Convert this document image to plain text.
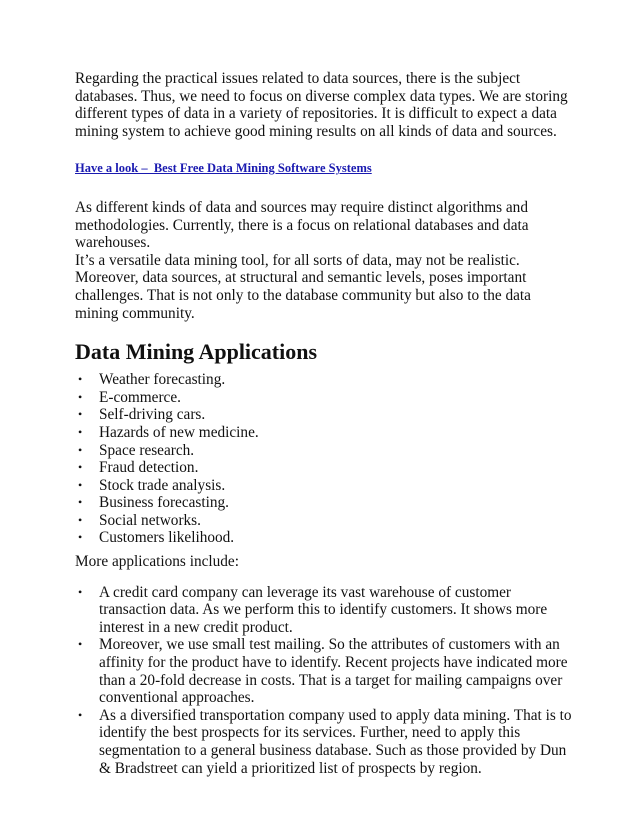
Regarding the practical issues related to data sources, there is the subject databases. Thus, we need to focus on diverse complex data types. We are storing different types of data in a variety of repositories. It is difficult to expect a data mining system to achieve good mining results on all kinds of data and sources.

Have a look –  Best Free Data Mining Software Systems

As different kinds of data and sources may require distinct algorithms and methodologies. Currently, there is a focus on relational databases and data warehouses.

It’s a versatile data mining tool, for all sorts of data, may not be realistic. Moreover, data sources, at structural and semantic levels, poses important challenges. That is not only to the database community but also to the data mining community.

Data Mining Applications
• Weather forecasting.
• E-commerce.
• Self-driving cars.
• Hazards of new medicine.
• Space research.
• Fraud detection.
• Stock trade analysis.
• Business forecasting.
• Social networks.
• Customers likelihood.

More applications include:

• A credit card company can leverage its vast warehouse of customer transaction data. As we perform this to identify customers. It shows more interest in a new credit product.
• Moreover, we use small test mailing. So the attributes of customers with an affinity for the product have to identify. Recent projects have indicated more than a 20-fold decrease in costs. That is a target for mailing campaigns over conventional approaches.
• As a diversified transportation company used to apply data mining. That is to identify the best prospects for its services. Further, need to apply this segmentation to a general business database. Such as those provided by Dun & Bradstreet can yield a prioritized list of prospects by region.
